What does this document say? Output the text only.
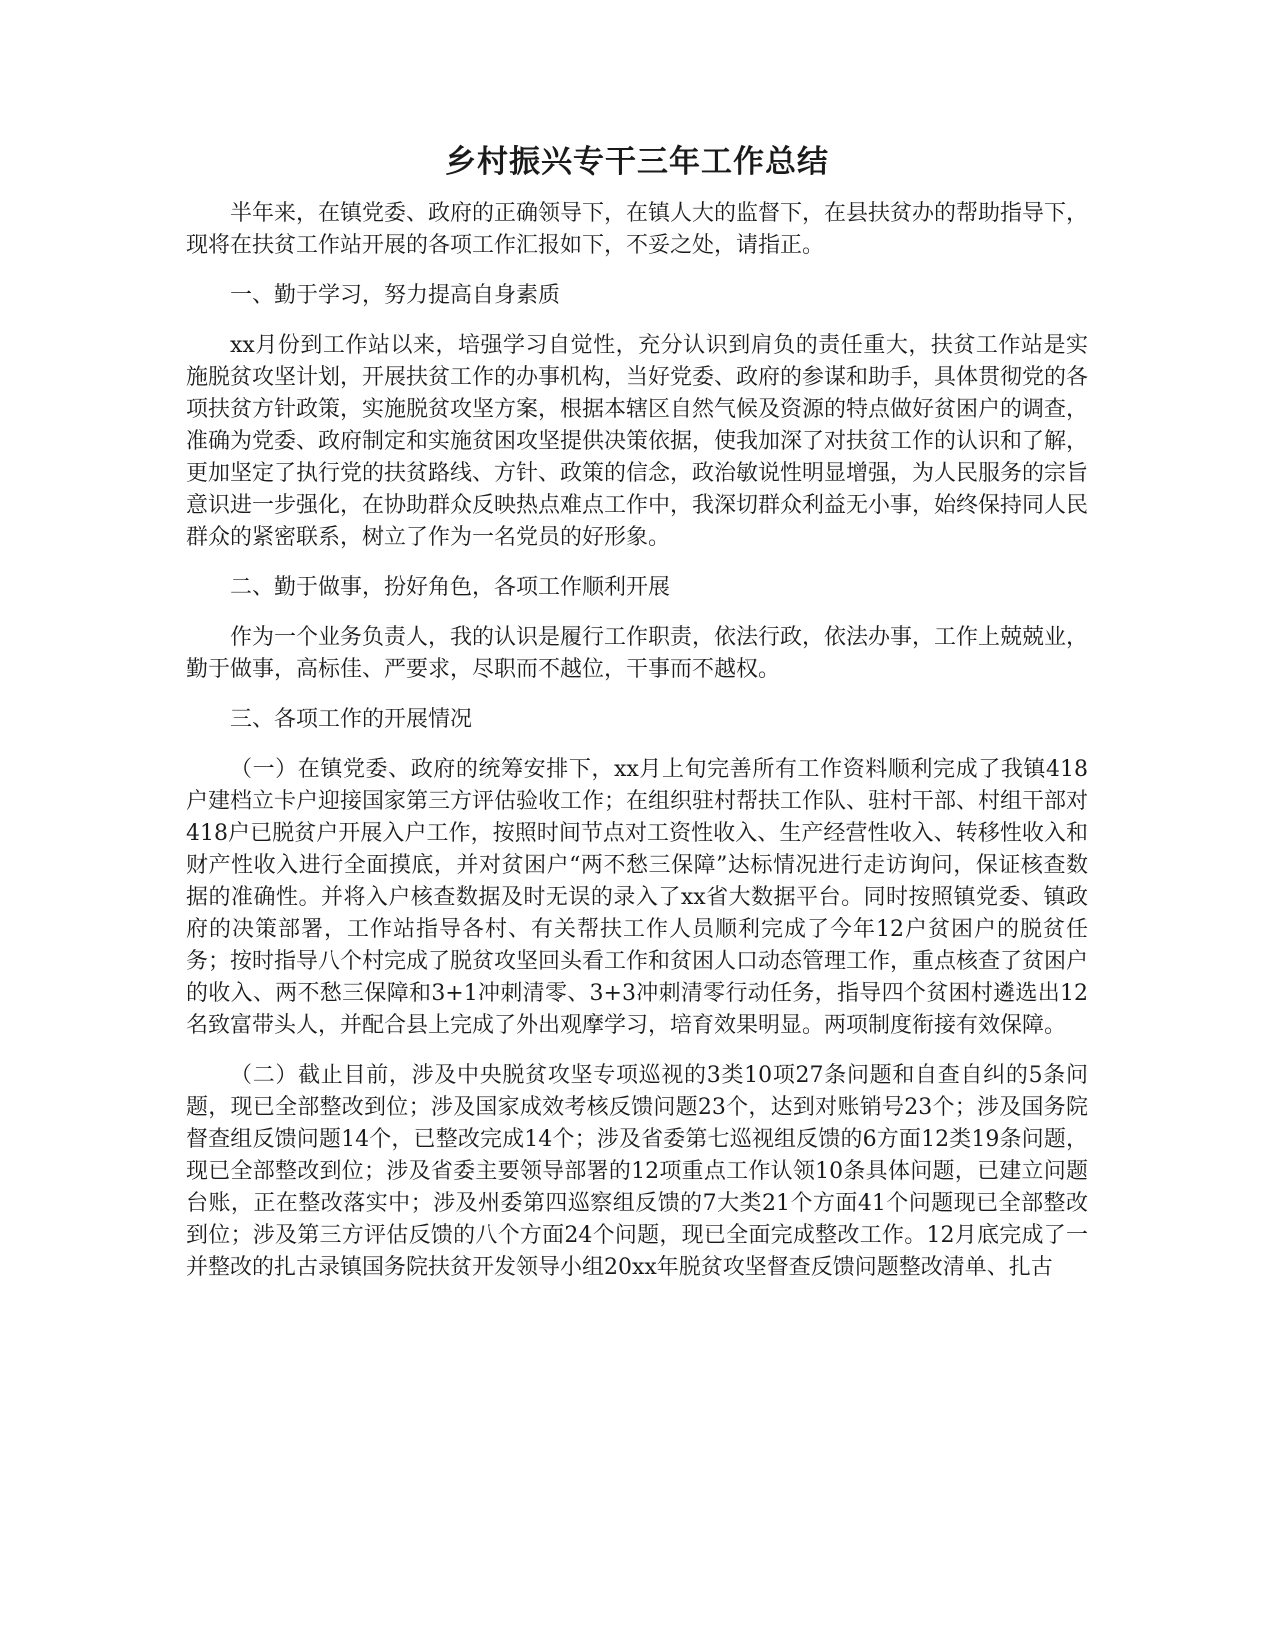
乡村振兴专干三年工作总结

半年来，在镇党委、政府的正确领导下，在镇人大的监督下，在县扶贫办的帮助指导下，现将在扶贫工作站开展的各项工作汇报如下，不妥之处，请指正。

一、勤于学习，努力提高自身素质

xx月份到工作站以来，培强学习自觉性，充分认识到肩负的责任重大，扶贫工作站是实施脱贫攻坚计划，开展扶贫工作的办事机构，当好党委、政府的参谋和助手，具体贯彻党的各项扶贫方针政策，实施脱贫攻坚方案，根据本辖区自然气候及资源的特点做好贫困户的调查，准确为党委、政府制定和实施贫困攻坚提供决策依据，使我加深了对扶贫工作的认识和了解，更加坚定了执行党的扶贫路线、方针、政策的信念，政治敏说性明显增强，为人民服务的宗旨意识进一步强化，在协助群众反映热点难点工作中，我深切群众利益无小事，始终保持同人民群众的紧密联系，树立了作为一名党员的好形象。

二、勤于做事，扮好角色，各项工作顺利开展

作为一个业务负责人，我的认识是履行工作职责，依法行政，依法办事，工作上兢兢业，勤于做事，高标佳、严要求，尽职而不越位，干事而不越权。

三、各项工作的开展情况

（一）在镇党委、政府的统筹安排下，xx月上旬完善所有工作资料顺利完成了我镇418户建档立卡户迎接国家第三方评估验收工作；在组织驻村帮扶工作队、驻村干部、村组干部对418户已脱贫户开展入户工作，按照时间节点对工资性收入、生产经营性收入、转移性收入和财产性收入进行全面摸底，并对贫困户“两不愁三保障”达标情况进行走访询问，保证核查数据的准确性。并将入户核查数据及时无误的录入了xx省大数据平台。同时按照镇党委、镇政府的决策部署，工作站指导各村、有关帮扶工作人员顺利完成了今年12户贫困户的脱贫任务；按时指导八个村完成了脱贫攻坚回头看工作和贫困人口动态管理工作，重点核查了贫困户的收入、两不愁三保障和3+1冲刺清零、3+3冲刺清零行动任务，指导四个贫困村遴选出12名致富带头人，并配合县上完成了外出观摩学习，培育效果明显。两项制度衔接有效保障。

（二）截止目前，涉及中央脱贫攻坚专项巡视的3类10项27条问题和自查自纠的5条问题，现已全部整改到位；涉及国家成效考核反馈问题23个，达到对账销号23个；涉及国务院督查组反馈问题14个，已整改完成14个；涉及省委第七巡视组反馈的6方面12类19条问题，现已全部整改到位；涉及省委主要领导部署的12项重点工作认领10条具体问题，已建立问题台账，正在整改落实中；涉及州委第四巡察组反馈的7大类21个方面41个问题现已全部整改到位；涉及第三方评估反馈的八个方面24个问题，现已全面完成整改工作。12月底完成了一并整改的扎古录镇国务院扶贫开发领导小组20xx年脱贫攻坚督查反馈问题整改清单、扎古
